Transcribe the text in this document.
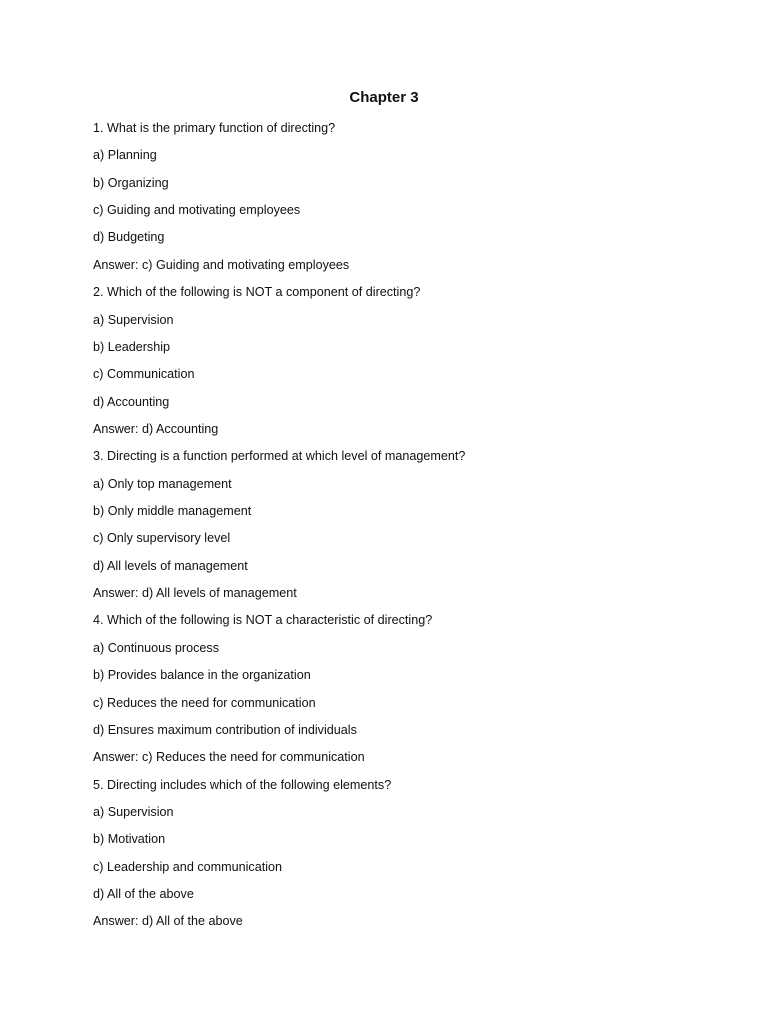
Chapter 3
1. What is the primary function of directing?
a) Planning
b) Organizing
c) Guiding and motivating employees
d) Budgeting
Answer: c) Guiding and motivating employees
2. Which of the following is NOT a component of directing?
a) Supervision
b) Leadership
c) Communication
d) Accounting
Answer: d) Accounting
3. Directing is a function performed at which level of management?
a) Only top management
b) Only middle management
c) Only supervisory level
d) All levels of management
Answer: d) All levels of management
4. Which of the following is NOT a characteristic of directing?
a) Continuous process
b) Provides balance in the organization
c) Reduces the need for communication
d) Ensures maximum contribution of individuals
Answer: c) Reduces the need for communication
5. Directing includes which of the following elements?
a) Supervision
b) Motivation
c) Leadership and communication
d) All of the above
Answer: d) All of the above
